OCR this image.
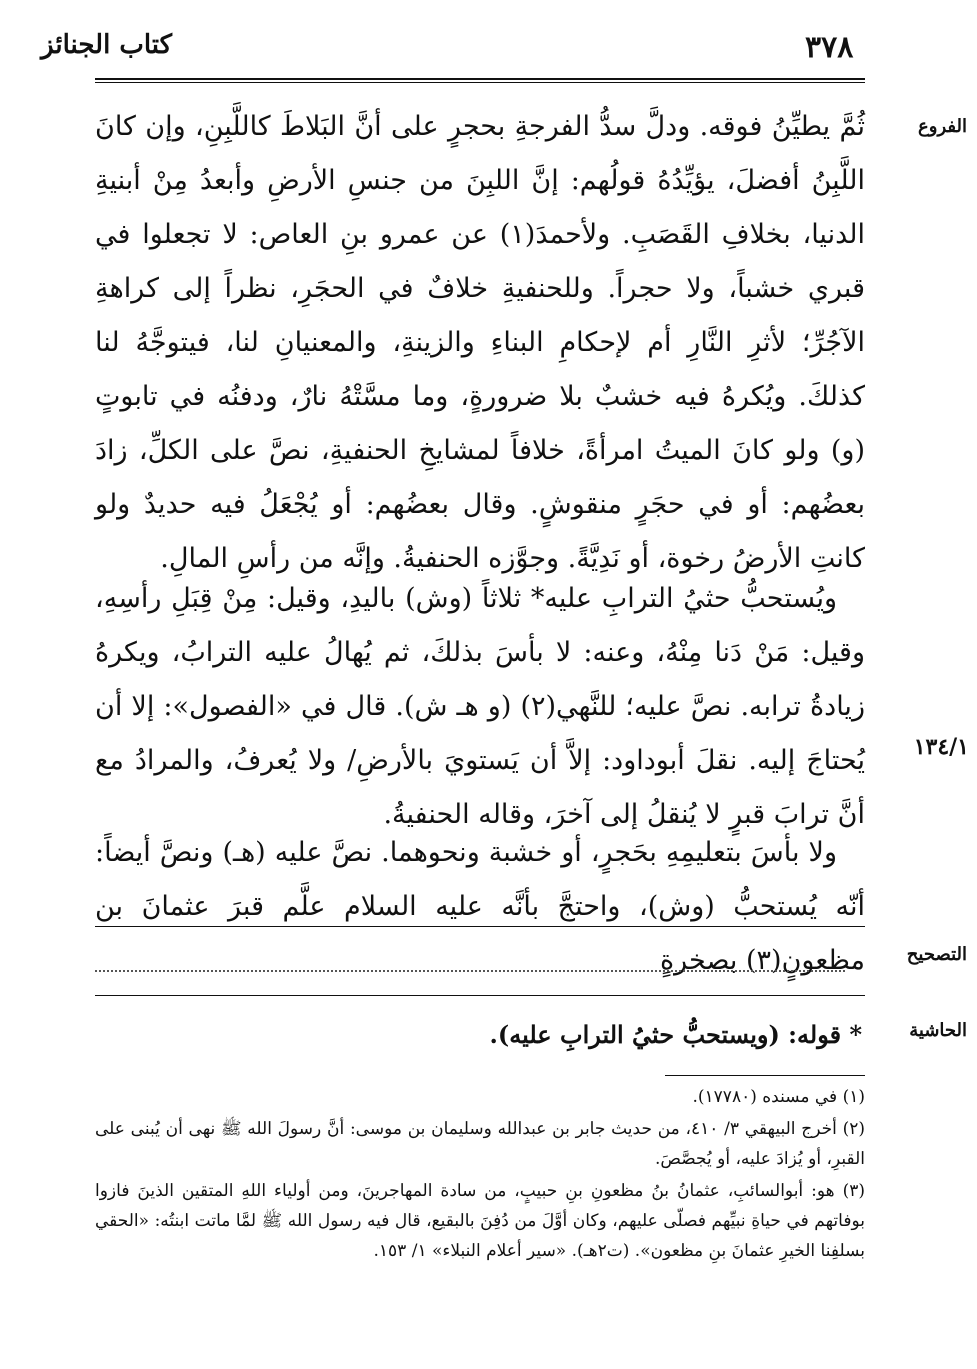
كتاب الجنائز	٣٧٨
الفروع
١٣٤/١

ثُمَّ يطيِّنُ فوقه. ودلَّ سدُّ الفرجةِ بحجرٍ على أنَّ البَلاطَ كاللَّبِنِ، وإن كانَ اللَّبِنُ أفضلَ، يؤيِّدُهُ قولُهم: إنَّ اللبِنَ من جنسِ الأرضِ وأبعدُ مِنْ أبنيةِ الدنيا، بخلافِ القَصَبِ. ولأحمدَ(١) عن عمرو بنِ العاص: لا تجعلوا في قبري خشباً، ولا حجراً. وللحنفيةِ خلافٌ في الحجَرِ، نظراً إلى كراهةِ الآجُرِّ؛ لأثرِ النَّارِ أم لإحكامِ البناءِ والزينةِ، والمعنيانِ لنا، فيتوجَّهُ لنا كذلكَ. ويُكرهُ فيه خشبٌ بلا ضرورةٍ، وما مسَّتْهُ نارٌ، ودفنُه في تابوتٍ (و) ولو كانَ الميتُ امرأةً، خلافاً لمشايخِ الحنفيةِ، نصَّ على الكلِّ، زادَ بعضُهم: أو في حجَرٍ منقوشٍ. وقال بعضُهم: أو يُجْعَلُ فيه حديدٌ ولو كانتِ الأرضُ رخوة، أو نَدِيَّةً. وجوَّزه الحنفيةُ. وإنَّه من رأسِ المالِ.

ويُستحبُّ حثيُ الترابِ عليه* ثلاثاً (وش) باليدِ، وقيل: مِنْ قِبَلِ رأسِهِ، وقيل: مَنْ دَنا مِنْهُ، وعنه: لا بأسَ بذلكَ، ثم يُهالُ عليه الترابُ، ويكرهُ زيادةُ ترابه. نصَّ عليه؛ للنَّهي(٢) (و هـ ش). قال في «الفصول»: إلا أن يُحتاجَ إليه. نقلَ أبوداود: إلاَّ أن يَستويَ بالأرضِ/ ولا يُعرفُ، والمرادُ مع أنَّ ترابَ قبرٍ لا يُنقلُ إلى آخرَ، وقاله الحنفيةُ.

ولا بأسَ بتعليمِهِ بحَجرٍ، أو خشبة ونحوهما. نصَّ عليه (هـ) ونصَّ أيضاً: أنّه يُستحبُّ (وش)، واحتجَّ بأنَّه عليه السلام علَّم قبرَ عثمانَ بن مظعونٍ(٣) بصخرةٍ	التصحيح
الحاشية
* قوله: (ويستحبُّ حثيُ الترابِ عليه).

(١) في مسنده (١٧٧٨٠).

(٢) أخرج البيهقي ٣/ ٤١٠، من حديث جابر بن عبدالله وسليمان بن موسى: أنَّ رسولَ الله ﷺ نهى أن يُبنى على القبرِ، أو يُزادَ عليه، أو يُجصَّصَ.

(٣) هو: أبوالسائبِ، عثمانُ بنُ مظعونِ بنِ حبيبٍ، من سادة المهاجرينَ، ومن أولياء اللهِ المتقين الذينَ فازوا بوفاتهم في حياةِ نبيِّهم فصلّى عليهم، وكان أوَّلَ من دُفِنَ بالبقيع، قال فيه رسول الله ﷺ لمَّا ماتت ابنتُه: «الحقي بسلفِنا الخيرِ عثمانَ بنِ مظعون». (ت٢هـ). «سير أعلام النبلاء» ١/ ١٥٣.
